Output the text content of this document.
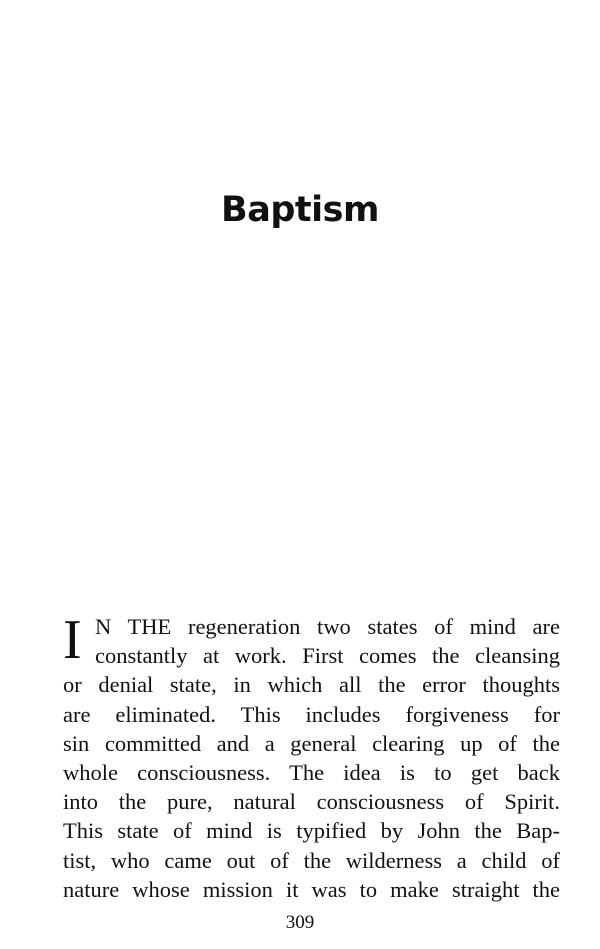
Baptism
I N THE regeneration two states of mind are
constantly at work. First comes the cleansing
or denial state, in which all the error thoughts
are eliminated. This includes forgiveness for
sin committed and a general clearing up of the
whole consciousness. The idea is to get back
into the pure, natural consciousness of Spirit.
This state of mind is typified by John the Bap-
tist, who came out of the wilderness a child of
nature whose mission it was to make straight the

309
